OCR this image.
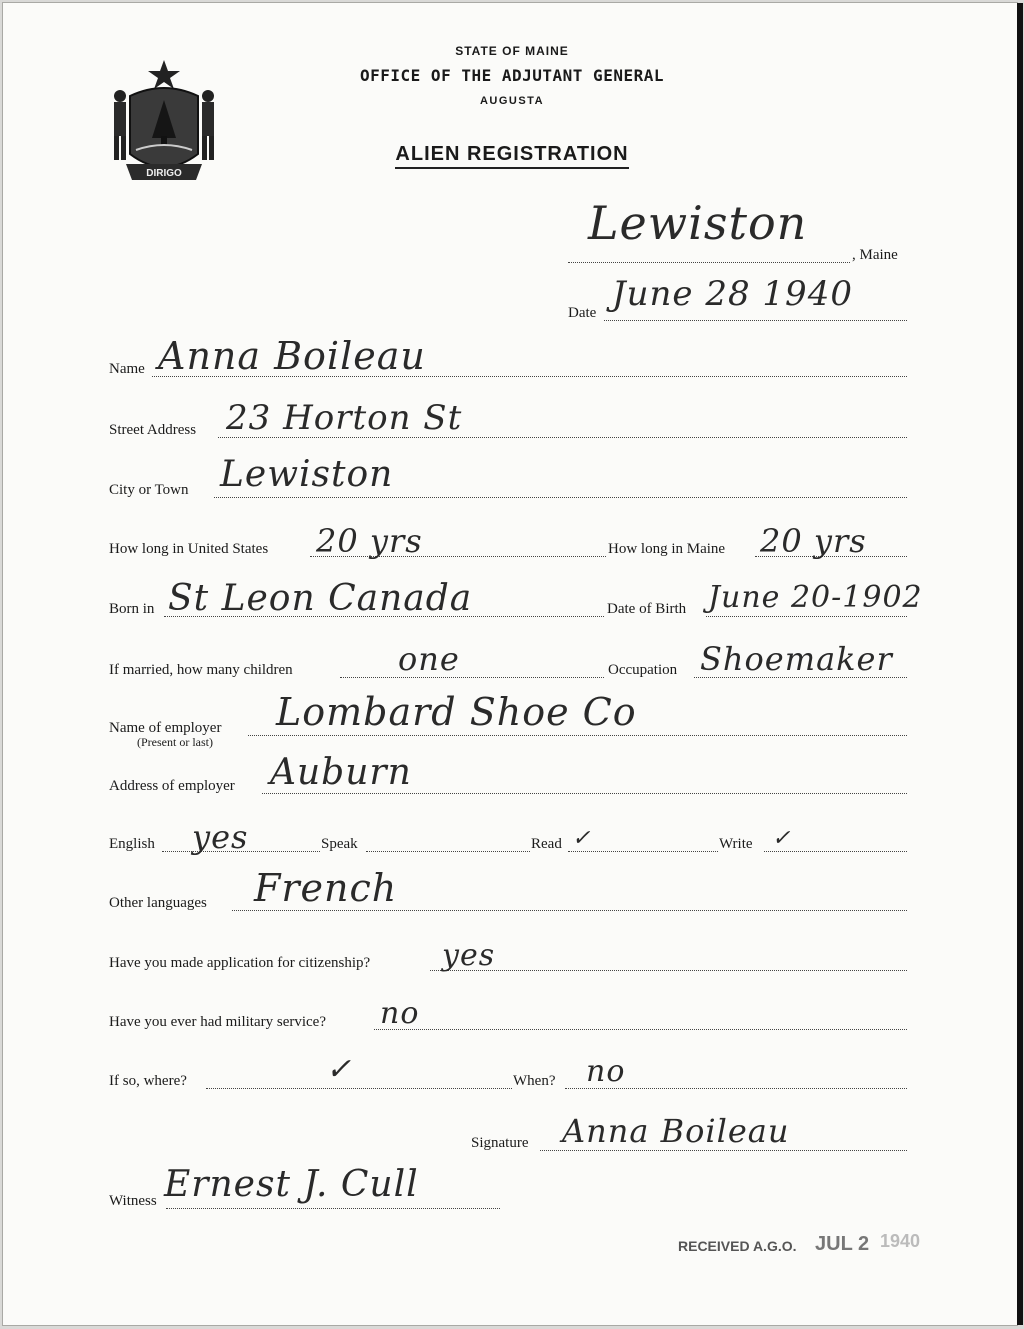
DIRIGO
STATE OF MAINE
OFFICE OF THE ADJUTANT GENERAL
AUGUSTA
ALIEN REGISTRATION
Lewiston
, Maine
Date June 28 1940
Name Anna Boileau
Street Address 23 Horton St
City or Town Lewiston
How long in United States 20 yrs	How long in Maine 20 yrs
Born in St Leon Canada	Date of Birth June 20-1902
If married, how many children	one	Occupation Shoemaker
Name of employer
(Present or last)
Lombard Shoe Co
Address of employer Auburn
English yes	Speak	Read ✓	Write ✓
Other languages French
Have you made application for citizenship? yes
Have you ever had military service? no
If so, where?	✓	When? no
Signature Anna Boileau
Witness Ernest J. Cull
RECEIVED A.G.O. JUL 2 1940
